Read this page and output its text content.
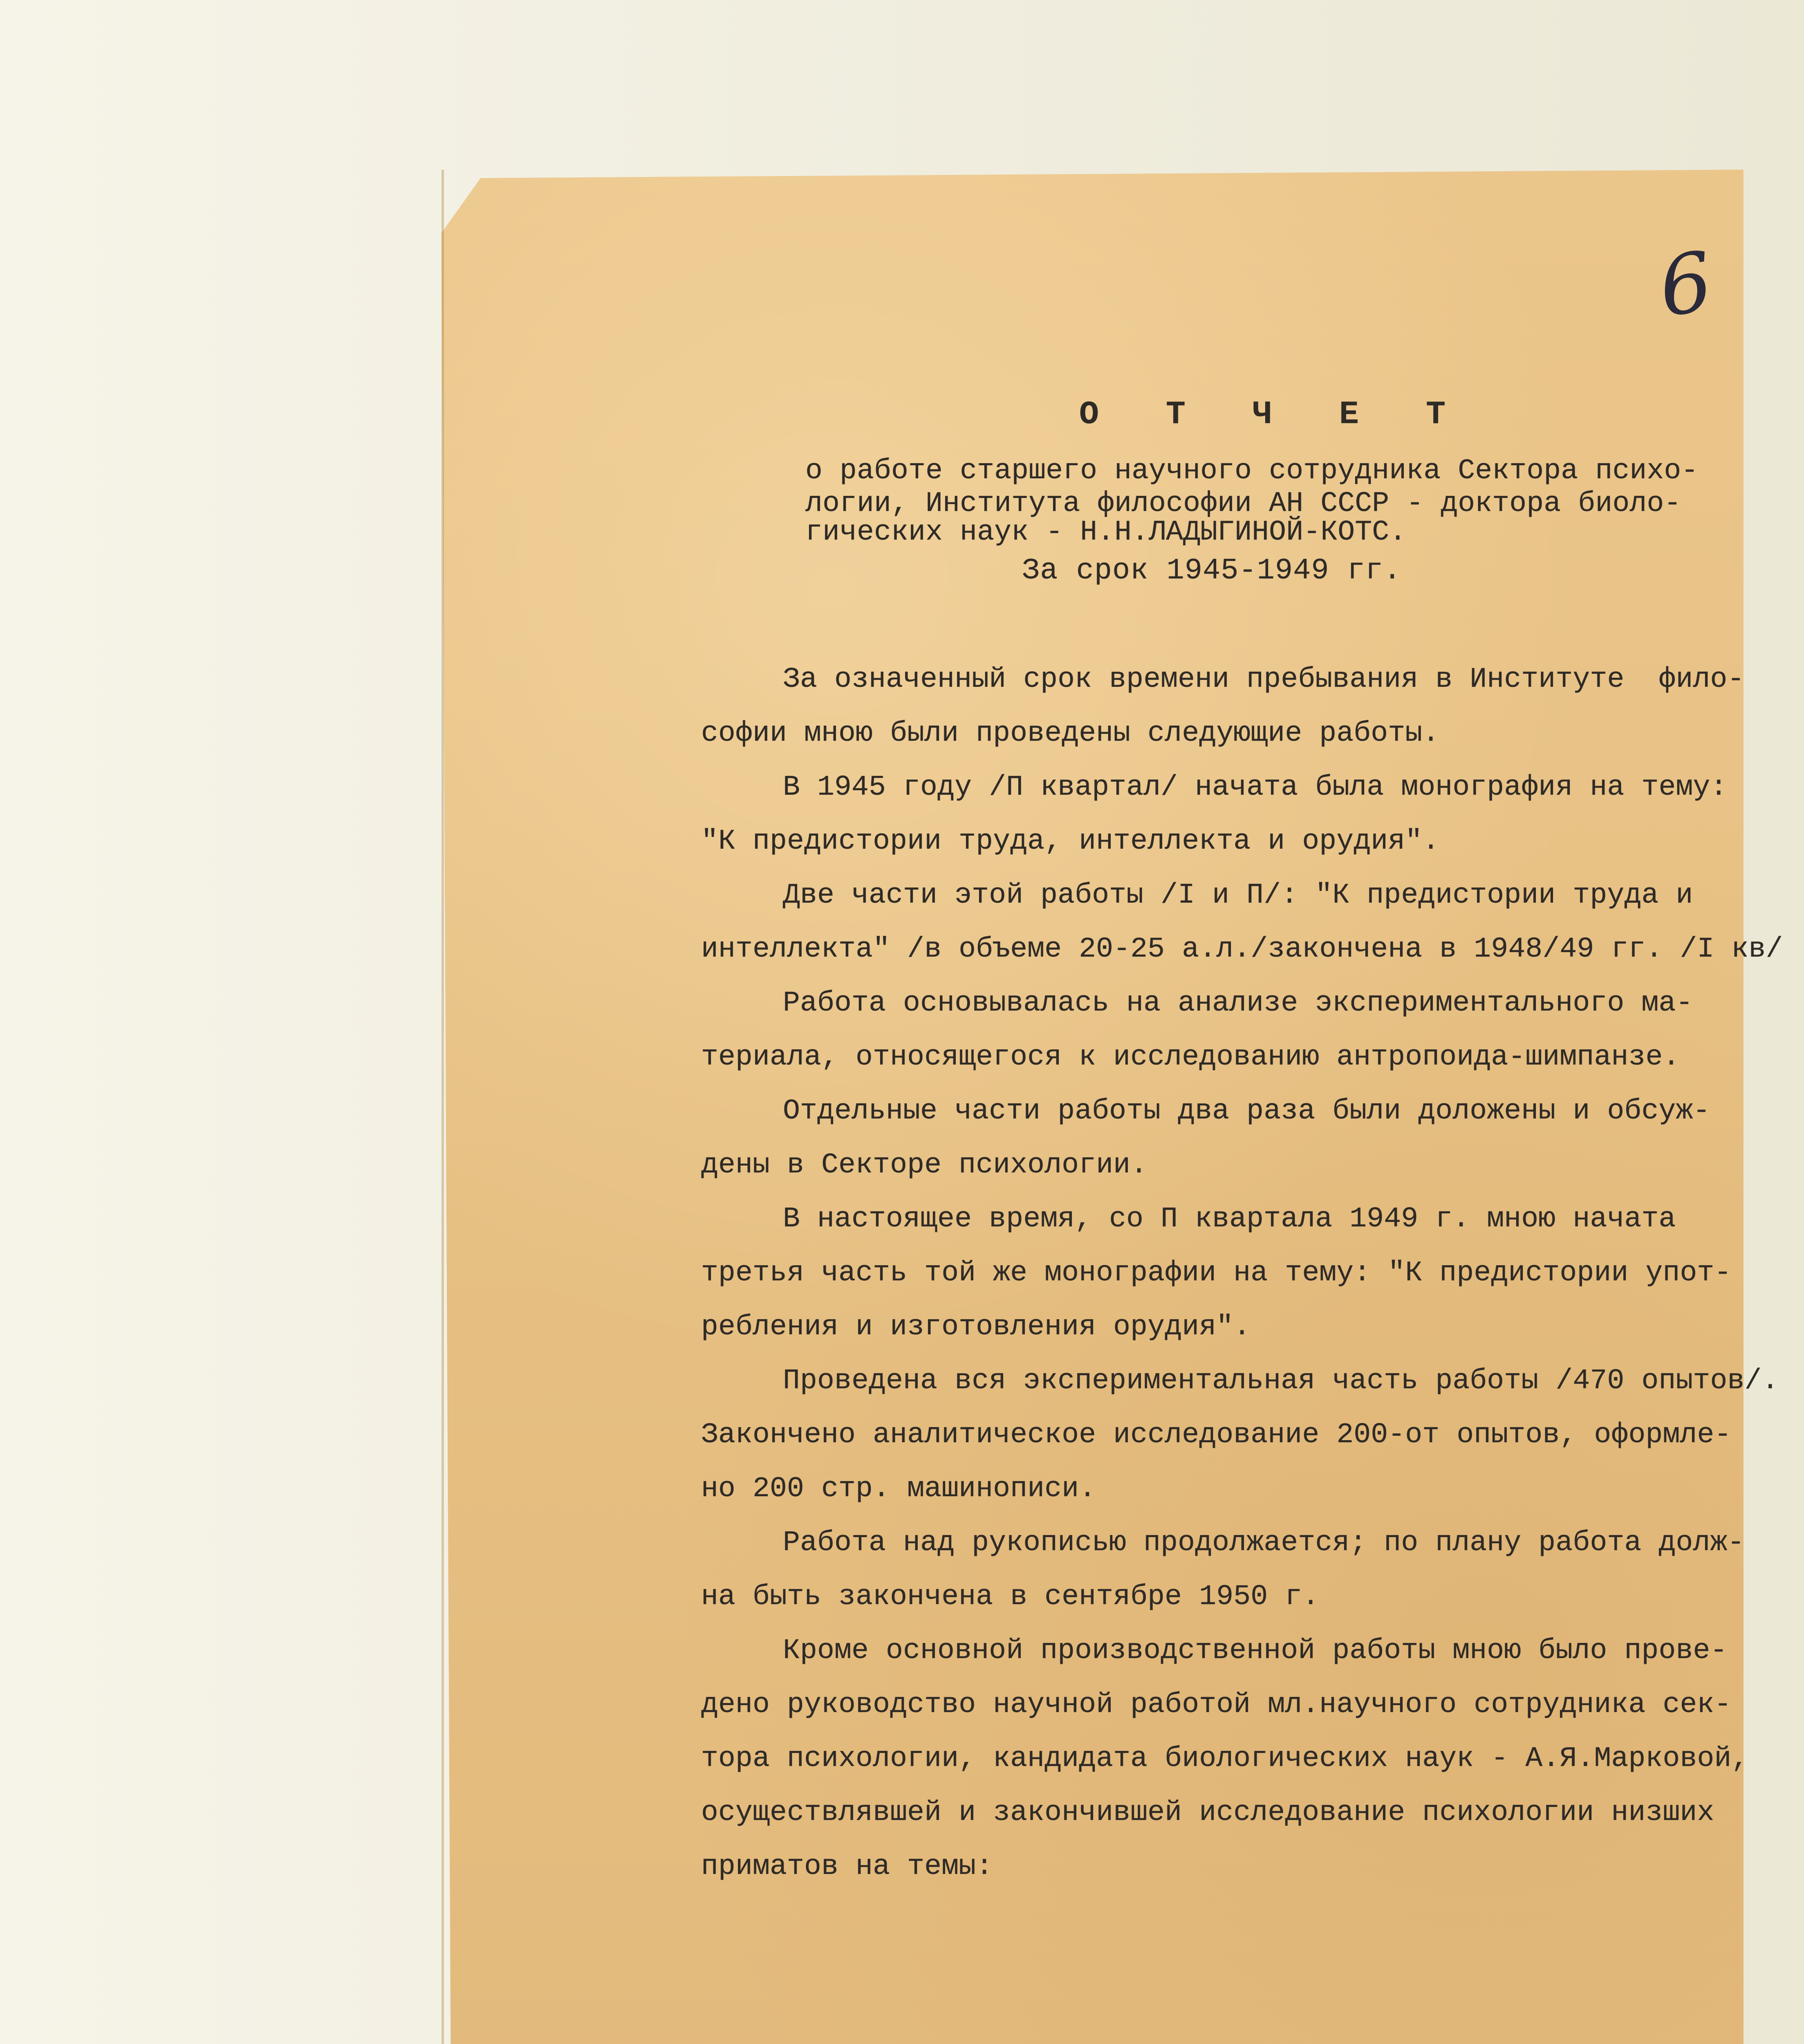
6
О Т Ч Е Т
о работе старшего научного сотрудника Сектора психо-
логии, Института философии АН СССР - доктора биоло-
гических наук - Н.Н.ЛАДЫГИНОЙ-КОТС.
За срок 1945-1949 гг.
За означенный срок времени пребывания в Институте  фило-
софии мною были проведены следующие работы.
В 1945 году /П квартал/ начата была монография на тему:
"К предистории труда, интеллекта и орудия".
Две части этой работы /I и П/: "К предистории труда и
интеллекта" /в объеме 20-25 а.л./закончена в 1948/49 гг. /I кв/
Работа основывалась на анализе экспериментального ма-
териала, относящегося к исследованию антропоида-шимпанзе.
Отдельные части работы два раза были доложены и обсуж-
дены в Секторе психологии.
В настоящее время, со П квартала 1949 г. мною начата
третья часть той же монографии на тему: "К предистории упот-
ребления и изготовления орудия".
Проведена вся экспериментальная часть работы /470 опытов/.
Закончено аналитическое исследование 200-от опытов, оформле-
но 200 стр. машинописи.
Работа над рукописью продолжается; по плану работа долж-
на быть закончена в сентябре 1950 г.
Кроме основной производственной работы мною было прове-
дено руководство научной работой мл.научного сотрудника сек-
тора психологии, кандидата биологических наук - А.Я.Марковой,
осуществлявшей и закончившей исследование психологии низших
приматов на темы:
